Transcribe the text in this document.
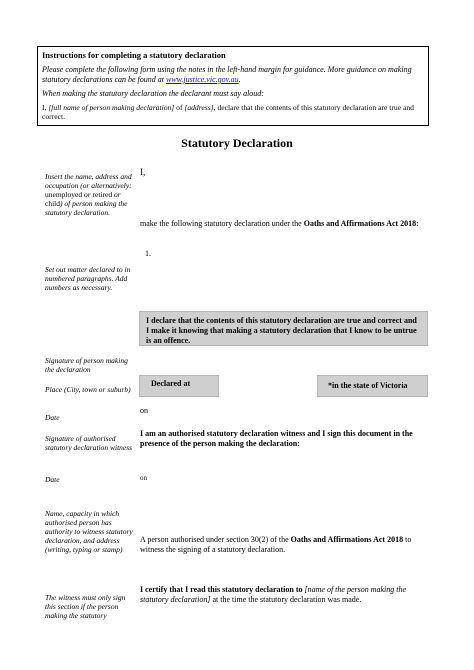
Instructions for completing a statutory declaration
Please complete the following form using the notes in the left-hand margin for guidance. More guidance on making statutory declarations can be found at www.justice.vic.gov.au.
When making the statutory declaration the declarant must say aloud:
I, [full name of person making declaration] of [address], declare that the contents of this statutory declaration are true and correct.
Statutory Declaration
Insert the name, address and occupation (or alternatively: unemployed or retired or child) of person making the statutory declaration.
I,
make the following statutory declaration under the Oaths and Affirmations Act 2018:
1.
Set out matter declared to in numbered paragraphs. Add numbers as necessary.
I declare that the contents of this statutory declaration are true and correct and I make it knowing that making a statutory declaration that I know to be untrue is an offence.
Signature of person making the declaration
Declared at	*in the state of Victoria
Place (City, town or suburb)
on
Date
I am an authorised statutory declaration witness and I sign this document in the presence of the person making the declaration:
Signature of authorised statutory declaration witness
on
Date
Name, capacity in which authorised person has authority to witness statutory declaration, and address (writing, typing or stamp)
A person authorised under section 30(2) of the Oaths and Affirmations Act 2018 to witness the signing of a statutory declaration.
I certify that I read this statutory declaration to [name of the person making the statutory declaration] at the time the statutory declaration was made.
The witness must only sign this section if the person making the statutory
